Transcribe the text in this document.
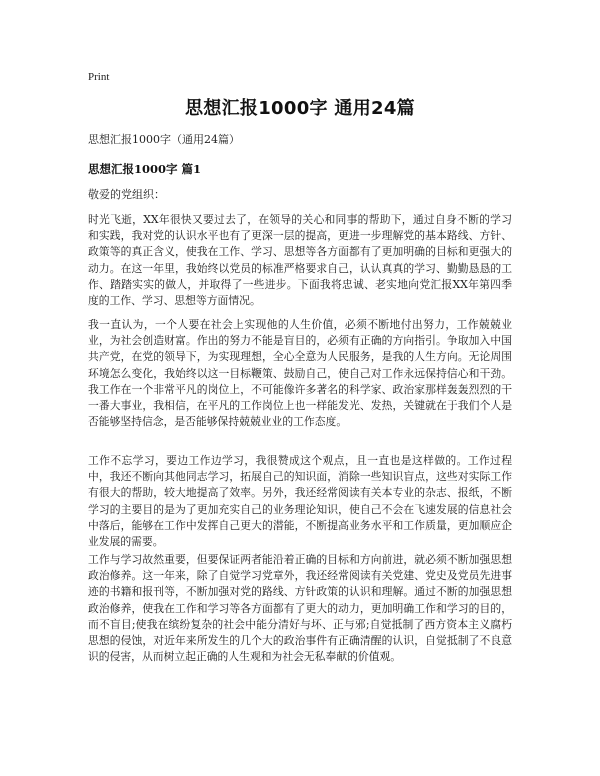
Print
思想汇报1000字 通用24篇
思想汇报1000字（通用24篇）
思想汇报1000字 篇1
敬爱的党组织：

时光飞逝，XX年很快又要过去了，在领导的关心和同事的帮助下，通过自身不断的学习和实践，我对党的认识水平也有了更深一层的提高，更进一步理解党的基本路线、方针、政策等的真正含义，使我在工作、学习、思想等各方面都有了更加明确的目标和更强大的动力。在这一年里，我始终以党员的标准严格要求自己，认认真真的学习、勤勤恳恳的工作、踏踏实实的做人，并取得了一些进步。下面我将忠诚、老实地向党汇报XX年第四季度的工作、学习、思想等方面情况。

我一直认为，一个人要在社会上实现他的人生价值，必须不断地付出努力，工作兢兢业业，为社会创造财富。作出的努力不能是盲目的，必须有正确的方向指引。争取加入中国共产党，在党的领导下，为实现理想，全心全意为人民服务，是我的人生方向。无论周围环境怎么变化，我始终以这一目标鞭策、鼓励自己，使自己对工作永远保持信心和干劲。我工作在一个非常平凡的岗位上，不可能像许多著名的科学家、政治家那样轰轰烈烈的干一番大事业，我相信，在平凡的工作岗位上也一样能发光、发热，关键就在于我们个人是否能够坚持信念，是否能够保持兢兢业业的工作态度。

工作不忘学习，要边工作边学习，我很赞成这个观点，且一直也是这样做的。工作过程中，我还不断向其他同志学习，拓展自己的知识面，消除一些知识盲点，这些对实际工作有很大的帮助，较大地提高了效率。另外，我还经常阅读有关本专业的杂志、报纸，不断学习的主要目的是为了更加充实自己的业务理论知识，使自己不会在飞速发展的信息社会中落后，能够在工作中发挥自己更大的潜能，不断提高业务水平和工作质量，更加顺应企业发展的需要。

工作与学习故然重要，但要保证两者能沿着正确的目标和方向前进，就必须不断加强思想政治修养。这一年来，除了自觉学习党章外，我还经常阅读有关党建、党史及党员先进事迹的书籍和报刊等，不断加强对党的路线、方针政策的认识和理解。通过不断的加强思想政治修养，使我在工作和学习等各方面都有了更大的动力，更加明确工作和学习的目的，而不盲目;使我在缤纷复杂的社会中能分清好与坏、正与邪;自觉抵制了西方资本主义腐朽思想的侵蚀，对近年来所发生的几个大的政治事件有正确清醒的认识，自觉抵制了不良意识的侵害，从而树立起正确的人生观和为社会无私奉献的价值观。
